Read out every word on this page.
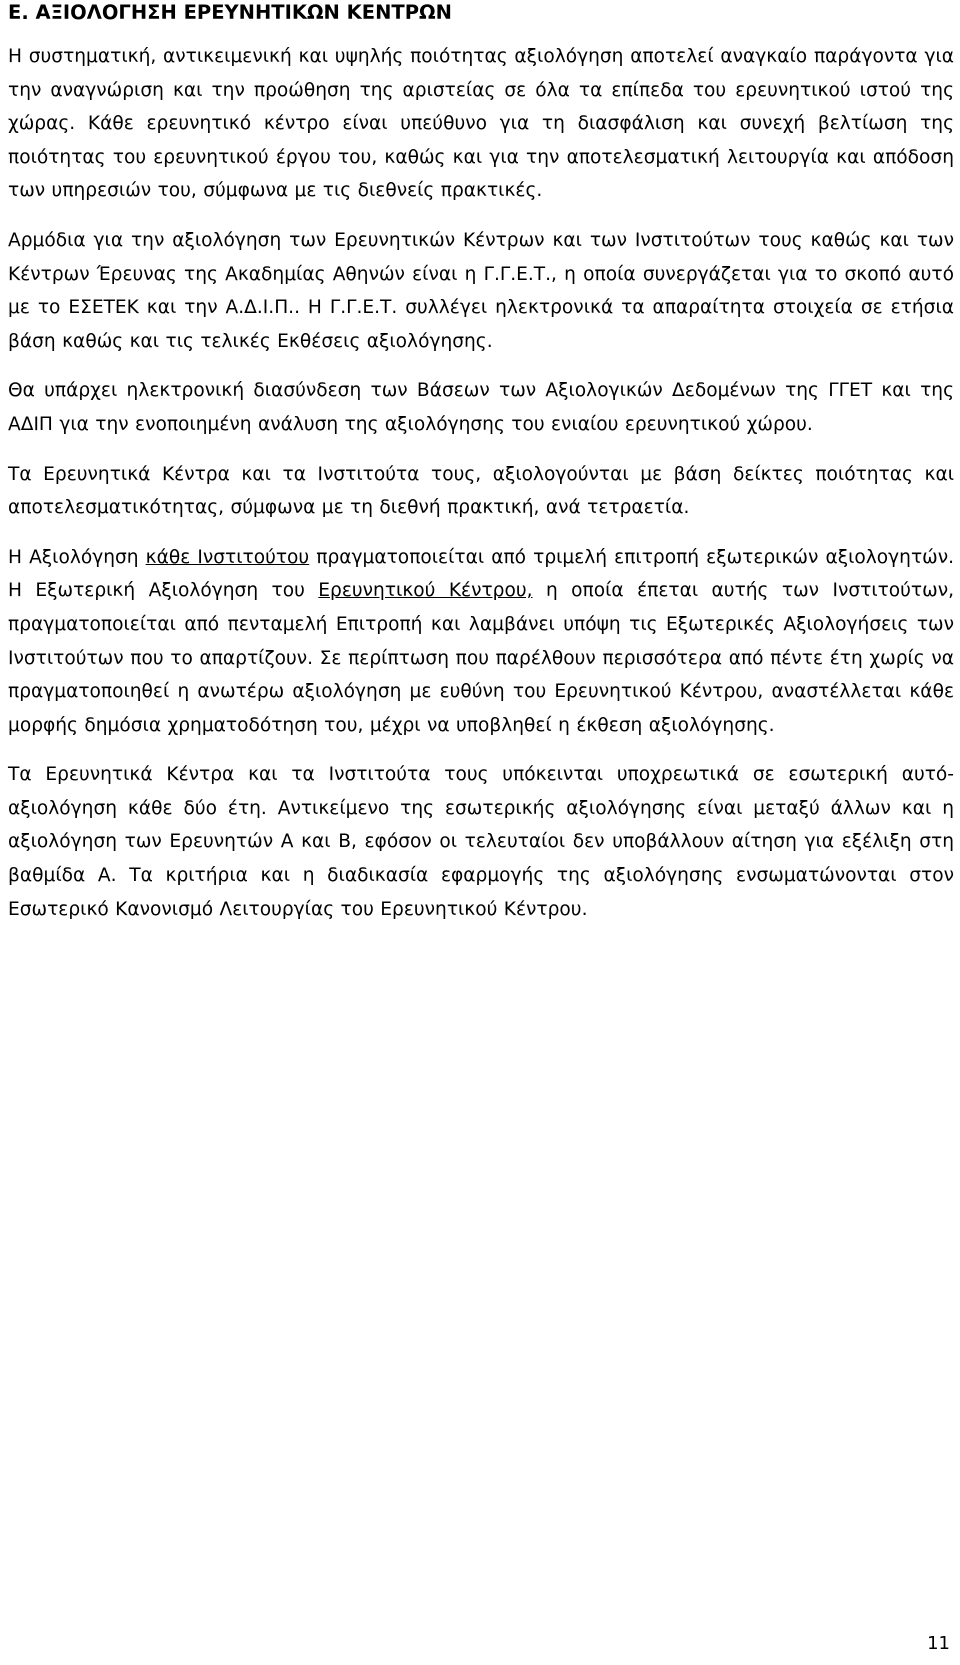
Ε. ΑΞΙΟΛΟΓΗΣΗ ΕΡΕΥΝΗΤΙΚΩΝ ΚΕΝΤΡΩΝ

Η συστηματική, αντικειμενική και υψηλής ποιότητας αξιολόγηση αποτελεί αναγκαίο παράγοντα για την αναγνώριση και την προώθηση της αριστείας σε όλα τα επίπεδα του ερευνητικού ιστού της χώρας. Κάθε ερευνητικό κέντρο είναι υπεύθυνο για τη διασφάλιση και συνεχή βελτίωση της ποιότητας του ερευνητικού έργου του, καθώς και για την αποτελεσματική λειτουργία και απόδοση των υπηρεσιών του, σύμφωνα με τις διεθνείς πρακτικές.

Αρμόδια για την αξιολόγηση των Ερευνητικών Κέντρων και των Ινστιτούτων τους καθώς και των Κέντρων Έρευνας της Ακαδημίας Αθηνών είναι η Γ.Γ.Ε.Τ., η οποία συνεργάζεται για το σκοπό αυτό με το ΕΣΕΤΕΚ και την Α.Δ.Ι.Π.. Η Γ.Γ.Ε.Τ. συλλέγει ηλεκτρονικά τα απαραίτητα στοιχεία σε ετήσια βάση καθώς και τις τελικές Εκθέσεις αξιολόγησης.

Θα υπάρχει ηλεκτρονική διασύνδεση των Βάσεων των Αξιολογικών Δεδομένων της ΓΓΕΤ και της ΑΔΙΠ για την ενοποιημένη ανάλυση της αξιολόγησης του ενιαίου ερευνητικού χώρου.

Τα Ερευνητικά Κέντρα και τα Ινστιτούτα τους, αξιολογούνται με βάση δείκτες ποιότητας και αποτελεσματικότητας, σύμφωνα με τη διεθνή πρακτική, ανά τετραετία.

Η Αξιολόγηση κάθε Ινστιτούτου πραγματοποιείται από τριμελή επιτροπή εξωτερικών αξιολογητών. Η Εξωτερική Αξιολόγηση του Ερευνητικού Κέντρου, η οποία έπεται αυτής των Ινστιτούτων, πραγματοποιείται από πενταμελή Επιτροπή και λαμβάνει υπόψη τις Εξωτερικές Αξιολογήσεις των Ινστιτούτων που το απαρτίζουν. Σε περίπτωση που παρέλθουν περισσότερα από πέντε έτη χωρίς να πραγματοποιηθεί η ανωτέρω αξιολόγηση με ευθύνη του Ερευνητικού Κέντρου, αναστέλλεται κάθε μορφής δημόσια χρηματοδότηση του, μέχρι να υποβληθεί η έκθεση αξιολόγησης.

Τα Ερευνητικά Κέντρα και τα Ινστιτούτα τους υπόκεινται υποχρεωτικά σε εσωτερική αυτό-αξιολόγηση κάθε δύο έτη. Αντικείμενο της εσωτερικής αξιολόγησης είναι μεταξύ άλλων και η αξιολόγηση των Ερευνητών Α και Β, εφόσον οι τελευταίοι δεν υποβάλλουν αίτηση για εξέλιξη στη βαθμίδα Α. Τα κριτήρια και η διαδικασία εφαρμογής της αξιολόγησης ενσωματώνονται στον Εσωτερικό Κανονισμό Λειτουργίας του Ερευνητικού Κέντρου.

11
